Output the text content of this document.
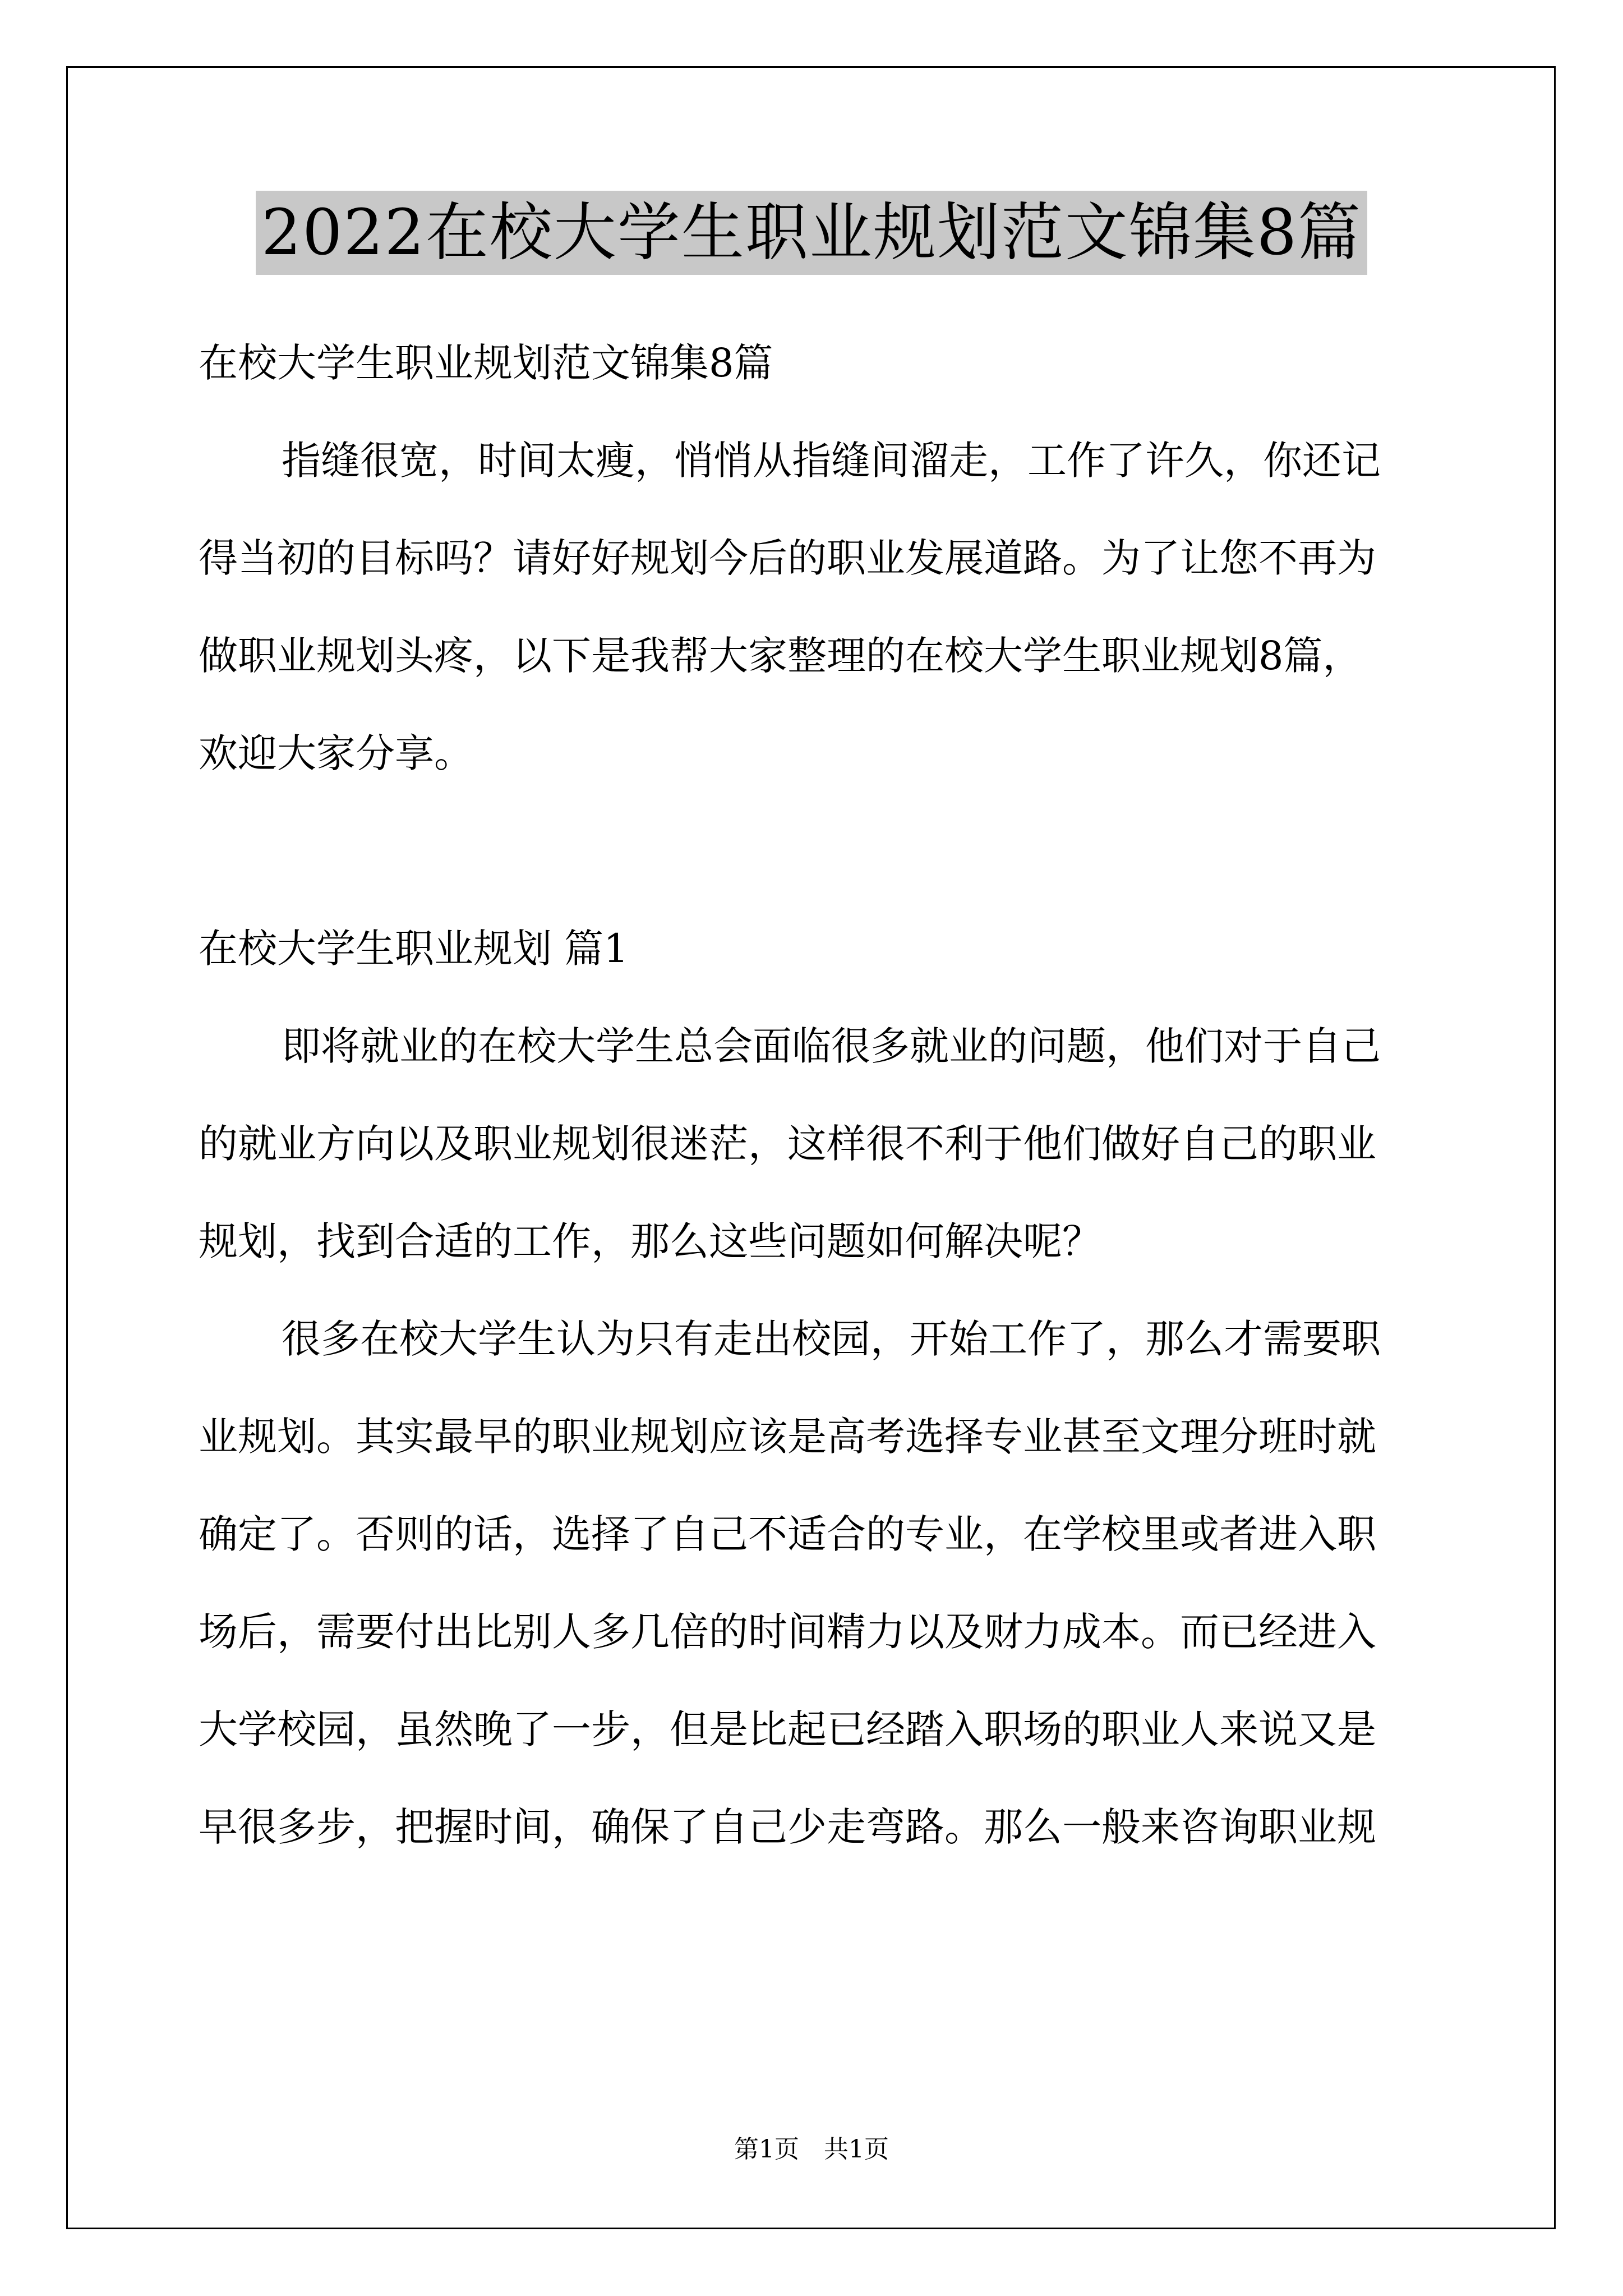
2022在校大学生职业规划范文锦集8篇
在校大学生职业规划范文锦集8篇
指缝很宽，时间太瘦，悄悄从指缝间溜走，工作了许久，你还记
得当初的目标吗？请好好规划今后的职业发展道路。为了让您不再为
做职业规划头疼，以下是我帮大家整理的在校大学生职业规划8篇，
欢迎大家分享。
在校大学生职业规划 篇1
即将就业的在校大学生总会面临很多就业的问题，他们对于自己
的就业方向以及职业规划很迷茫，这样很不利于他们做好自己的职业
规划，找到合适的工作，那么这些问题如何解决呢？
很多在校大学生认为只有走出校园，开始工作了，那么才需要职
业规划。其实最早的职业规划应该是高考选择专业甚至文理分班时就
确定了。否则的话，选择了自己不适合的专业，在学校里或者进入职
场后，需要付出比别人多几倍的时间精力以及财力成本。而已经进入
大学校园，虽然晚了一步，但是比起已经踏入职场的职业人来说又是
早很多步，把握时间，确保了自己少走弯路。那么一般来咨询职业规
第1页　共1页
